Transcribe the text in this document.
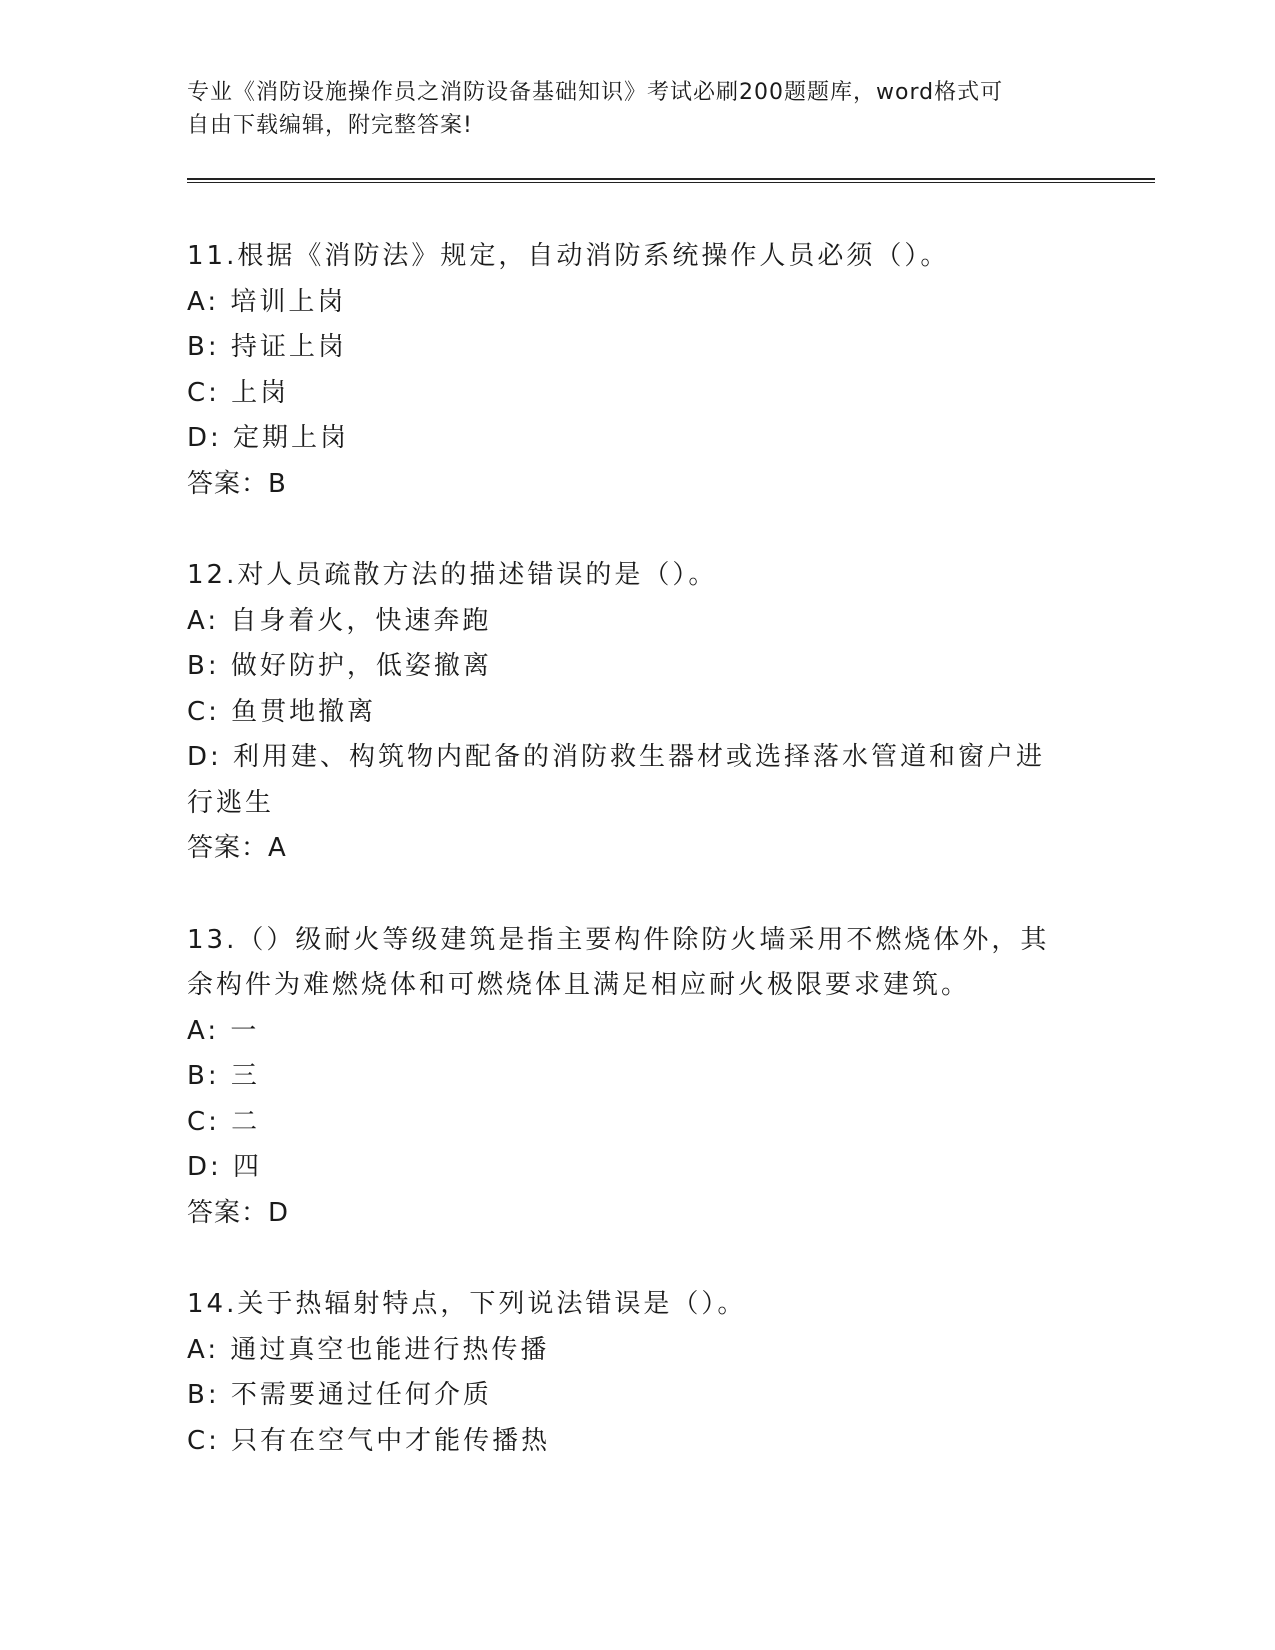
专业《消防设施操作员之消防设备基础知识》考试必刷200题题库，word格式可
自由下载编辑，附完整答案!
11.根据《消防法》规定，自动消防系统操作人员必须（）。
A: 培训上岗
B: 持证上岗
C: 上岗
D: 定期上岗
答案：B
12.对人员疏散方法的描述错误的是（）。
A: 自身着火，快速奔跑
B: 做好防护，低姿撤离
C: 鱼贯地撤离
D: 利用建、构筑物内配备的消防救生器材或选择落水管道和窗户进行逃生
答案：A
13.（）级耐火等级建筑是指主要构件除防火墙采用不燃烧体外，其余构件为难燃烧体和可燃烧体且满足相应耐火极限要求建筑。
A: 一
B: 三
C: 二
D: 四
答案：D
14.关于热辐射特点，下列说法错误是（）。
A: 通过真空也能进行热传播
B: 不需要通过任何介质
C: 只有在空气中才能传播热
